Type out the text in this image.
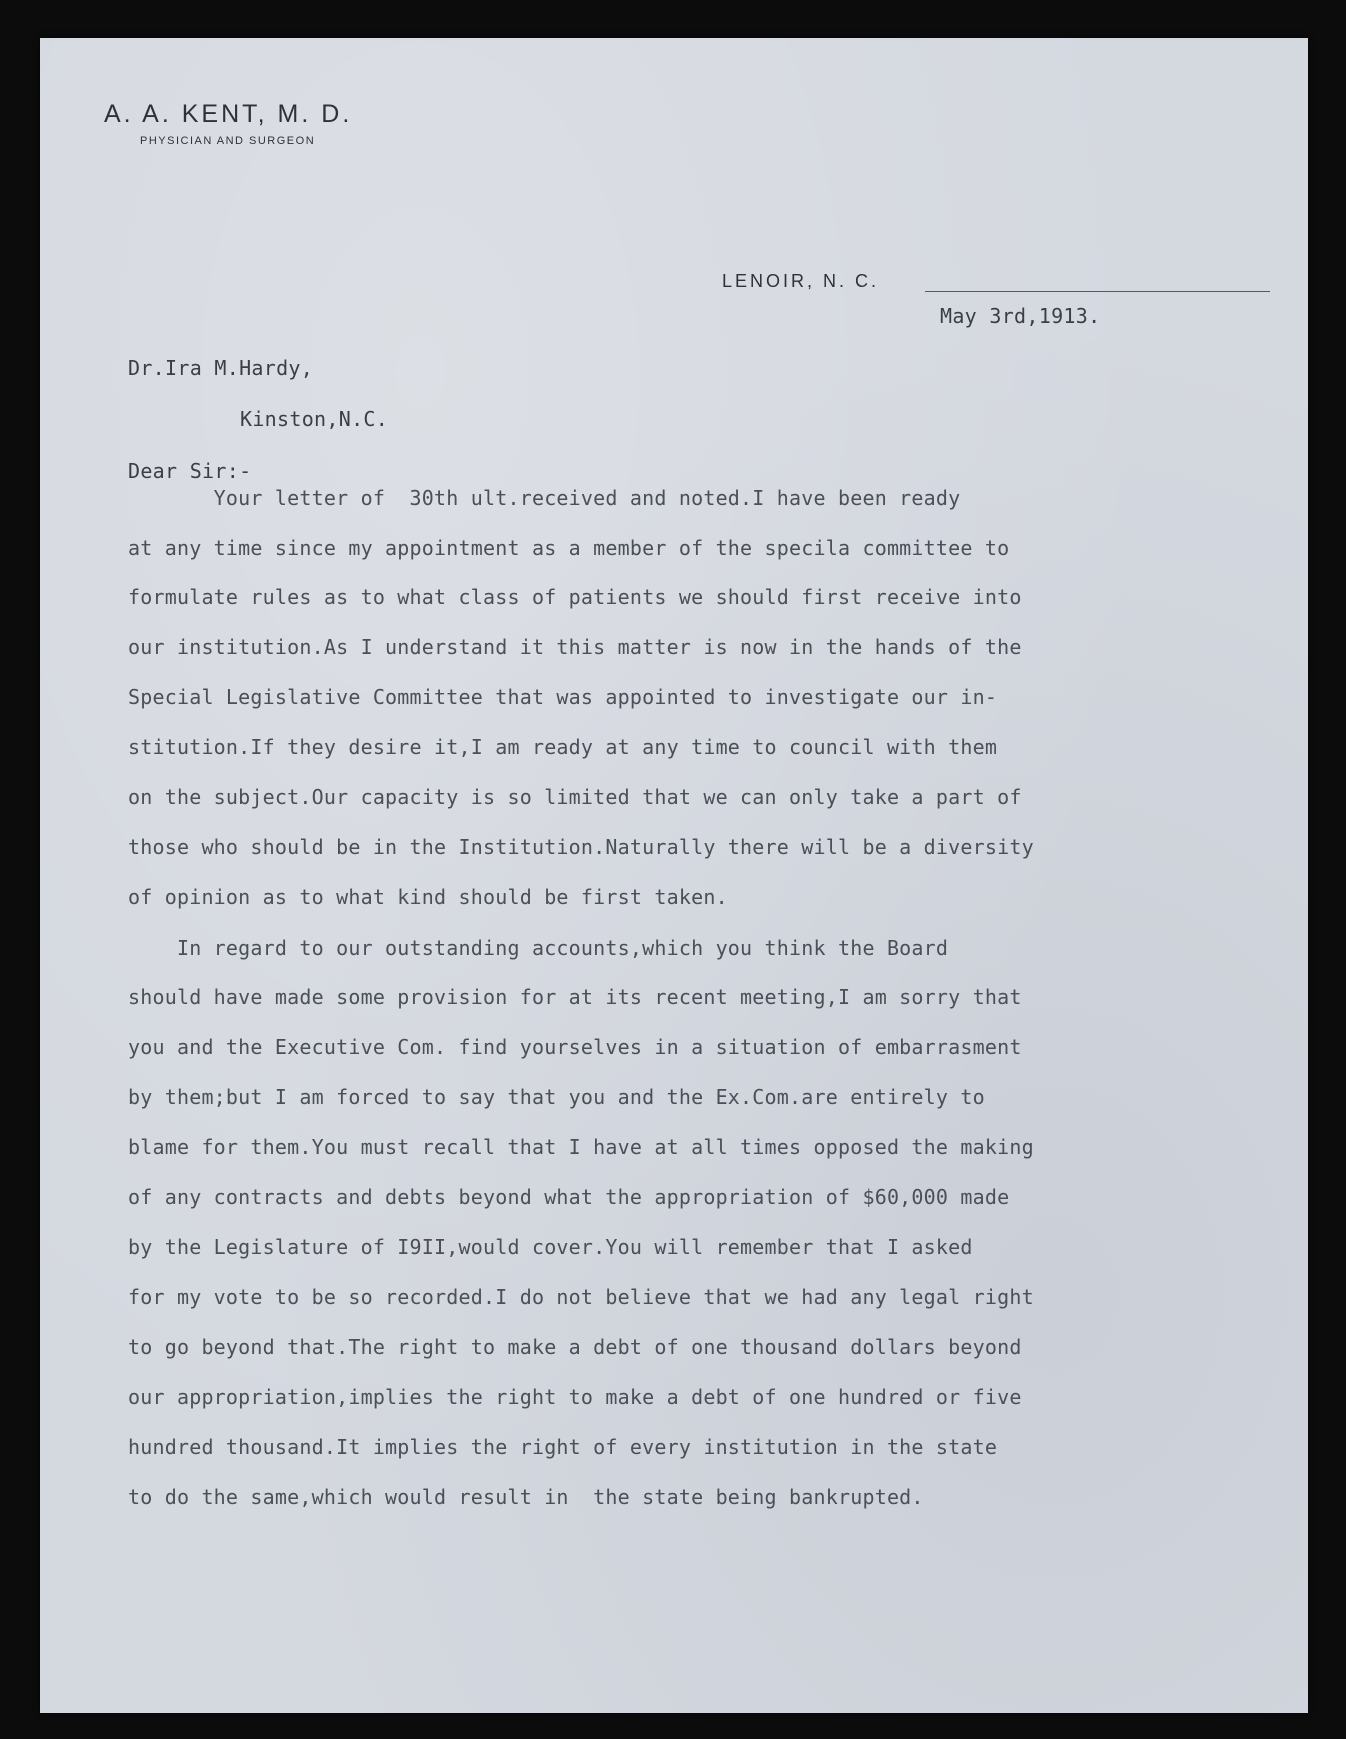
A. A. KENT, M. D.
PHYSICIAN AND SURGEON
LENOIR, N. C.
May 3rd,1913.
Dr.Ira M.Hardy,
Kinston,N.C.
Dear Sir:-
Your letter of  30th ult.received and noted.I have been ready
at any time since my appointment as a member of the specila committee to
formulate rules as to what class of patients we should first receive into
our institution.As I understand it this matter is now in the hands of the
Special Legislative Committee that was appointed to investigate our in-
stitution.If they desire it,I am ready at any time to council with them
on the subject.Our capacity is so limited that we can only take a part of
those who should be in the Institution.Naturally there will be a diversity
of opinion as to what kind should be first taken.
In regard to our outstanding accounts,which you think the Board
should have made some provision for at its recent meeting,I am sorry that
you and the Executive Com. find yourselves in a situation of embarrasment
by them;but I am forced to say that you and the Ex.Com.are entirely to
blame for them.You must recall that I have at all times opposed the making
of any contracts and debts beyond what the appropriation of $60,000 made
by the Legislature of I9II,would cover.You will remember that I asked
for my vote to be so recorded.I do not believe that we had any legal right
to go beyond that.The right to make a debt of one thousand dollars beyond
our appropriation,implies the right to make a debt of one hundred or five
hundred thousand.It implies the right of every institution in the state
to do the same,which would result in  the state being bankrupted.
